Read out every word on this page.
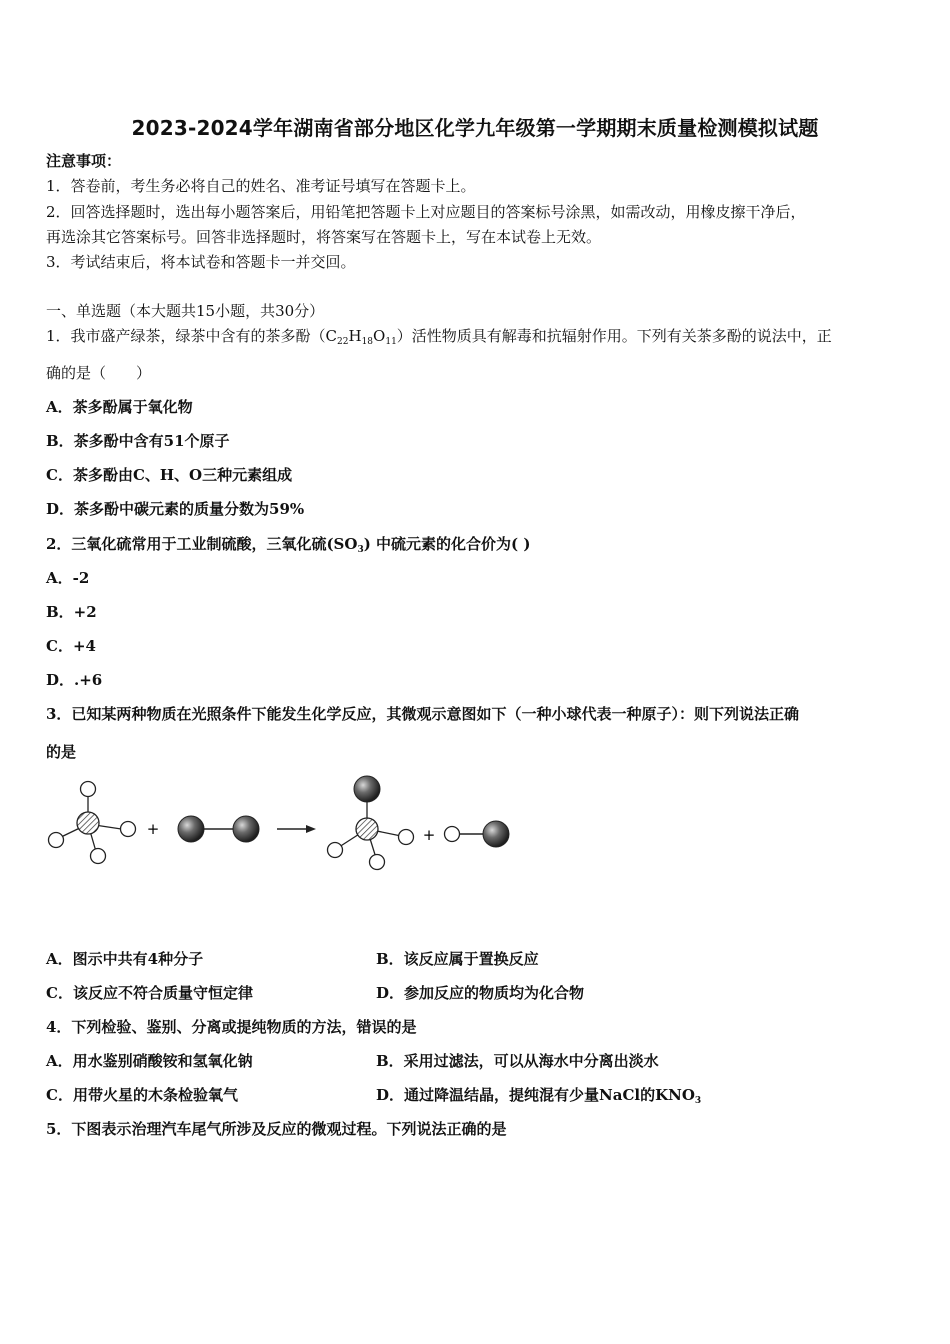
2023-2024学年湖南省部分地区化学九年级第一学期期末质量检测模拟试题
注意事项：
1．答卷前，考生务必将自己的姓名、准考证号填写在答题卡上。
2．回答选择题时，选出每小题答案后，用铅笔把答题卡上对应题目的答案标号涂黑，如需改动，用橡皮擦干净后，
再选涂其它答案标号。回答非选择题时，将答案写在答题卡上，写在本试卷上无效。
3．考试结束后，将本试卷和答题卡一并交回。
一、单选题（本大题共15小题，共30分）
1．我市盛产绿茶，绿茶中含有的茶多酚$(C_{22}H_{18}O_{11})$活性物质具有解毒和抗辐射作用。下列有关茶多酚的说法中，正
确的是（　　）
A．茶多酚属于氧化物
B．茶多酚中含有51个原子
C．茶多酚由C、H、O三种元素组成
D．茶多酚中碳元素的质量分数为59%
2．三氧化硫常用于工业制硫酸，三氧化硫$(SO_3)$ 中硫元素的化合价为( )
A．-2
B．+2
C．+4
D．.+6
3．已知某两种物质在光照条件下能发生化学反应，其微观示意图如下（一种小球代表一种原子）：则下列说法正确
的是
+	+
A．图示中共有4种分子	B．该反应属于置换反应
C．该反应不符合质量守恒定律	D．参加反应的物质均为化合物
4．下列检验、鉴别、分离或提纯物质的方法，错误的是
A．用水鉴别硝酸铵和氢氧化钠	B．采用过滤法，可以从海水中分离出淡水
C．用带火星的木条检验氧气	D．通过降温结晶，提纯混有少量NaCl的$KNO_3$
5．下图表示治理汽车尾气所涉及反应的微观过程。下列说法正确的是
